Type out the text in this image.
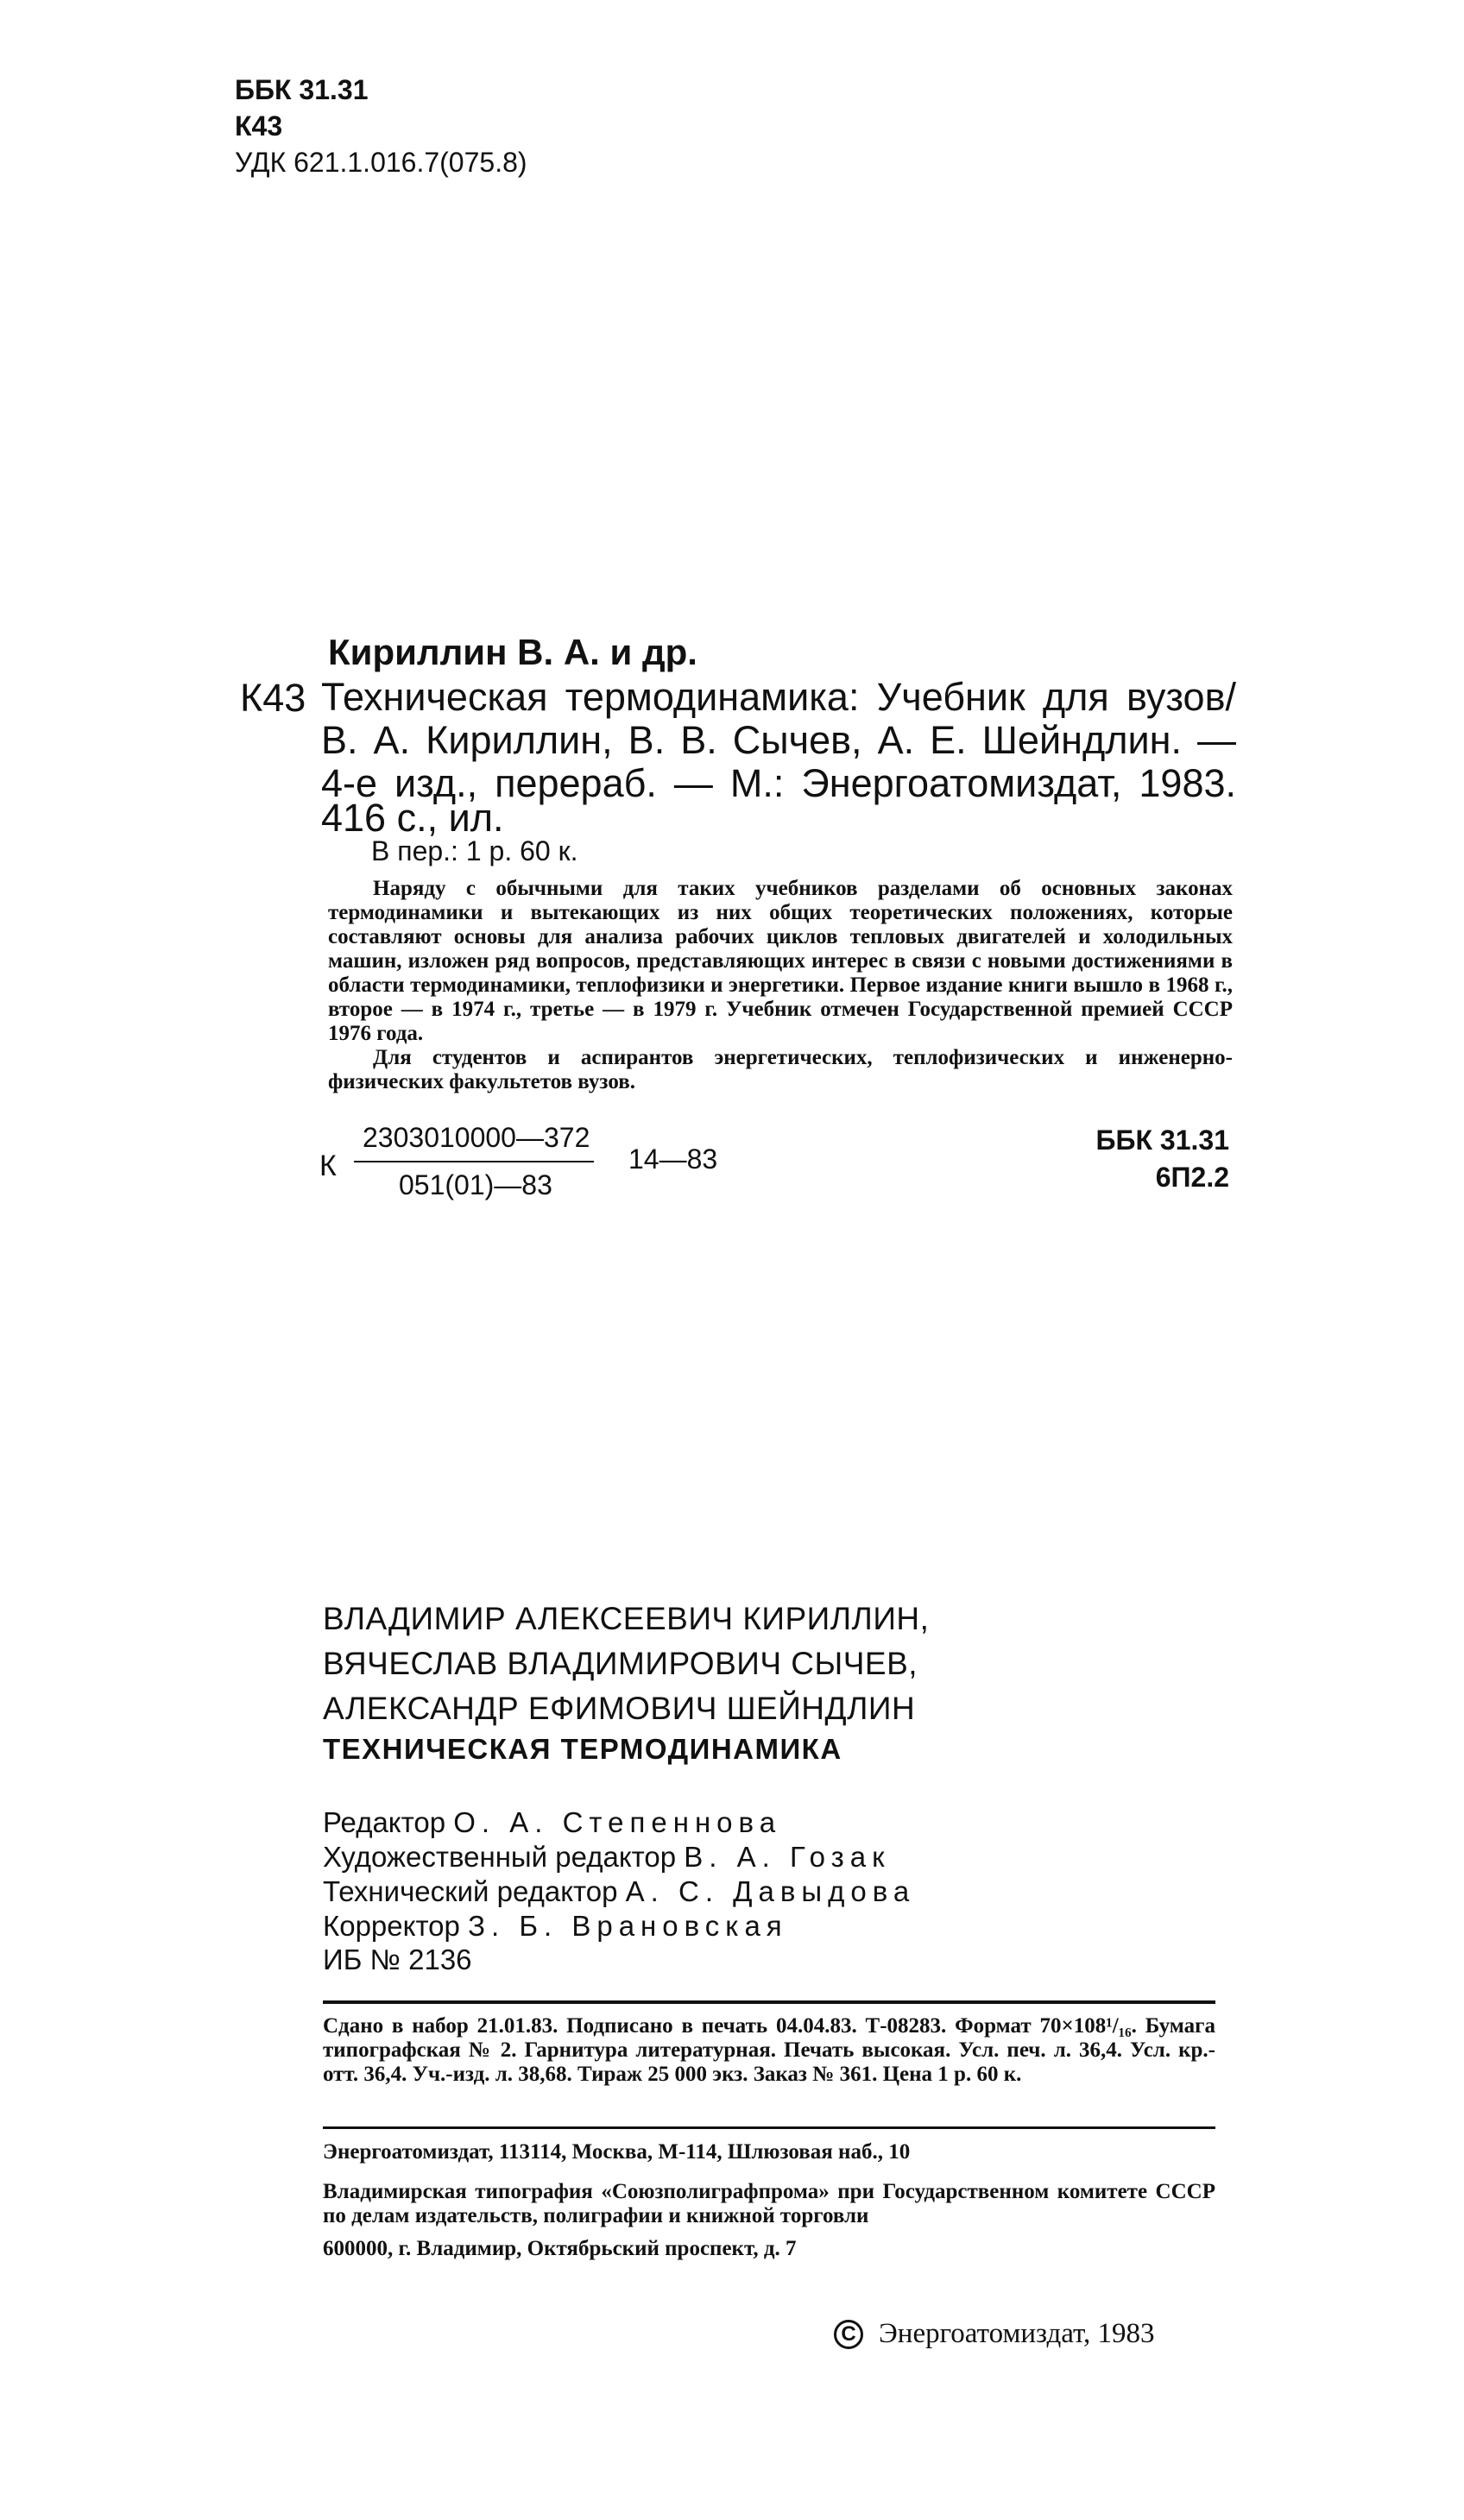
ББК 31.31
К43
УДК 621.1.016.7(075.8)
Кириллин В. А. и др.
К43 Техническая термодинамика: Учебник для вузов/
В. А. Кириллин, В. В. Сычев, А. Е. Шейндлин. —
4-е изд., перераб. — М.: Энергоатомиздат, 1983.
416 с., ил.
В пер.: 1 р. 60 к.

Наряду с обычными для таких учебников разделами об основных законах термодинамики и вытекающих из них общих теоретических положениях, которые составляют основы для анализа рабочих циклов тепловых двигателей и холодильных машин, изложен ряд вопросов, представляющих интерес в связи с новыми достижениями в области термодинамики, теплофизики и энергетики. Первое издание книги вышло в 1968 г., второе — в 1974 г., третье — в 1979 г. Учебник отмечен Государственной премией СССР 1976 года.

Для студентов и аспирантов энергетических, теплофизических и инженерно-физических факультетов вузов.

К
2303010000—372
051(01)—83
14—83
ББК 31.31
6П2.2
ВЛАДИМИР АЛЕКСЕЕВИЧ КИРИЛЛИН,
ВЯЧЕСЛАВ ВЛАДИМИРОВИЧ СЫЧЕВ,
АЛЕКСАНДР ЕФИМОВИЧ ШЕЙНДЛИН
ТЕХНИЧЕСКАЯ ТЕРМОДИНАМИКА
Редактор О. А. Степеннова
Художественный редактор В. А. Гозак
Технический редактор А. С. Давыдова
Корректор З. Б. Врановская
ИБ № 2136
Сдано в набор 21.01.83. Подписано в печать 04.04.83. Т-08283. Формат 70×108¹/₁₆. Бумага типографская № 2. Гарнитура литературная. Печать высокая. Усл. печ. л. 36,4. Усл. кр.-отт. 36,4. Уч.-изд. л. 38,68. Тираж 25 000 экз. Заказ № 361. Цена 1 р. 60 к.
Энергоатомиздат, 113114, Москва, М-114, Шлюзовая наб., 10
Владимирская типография «Союзполиграфпрома» при Государственном комитете СССР по делам издательств, полиграфии и книжной торговли
600000, г. Владимир, Октябрьский проспект, д. 7
C Энергоатомиздат, 1983
